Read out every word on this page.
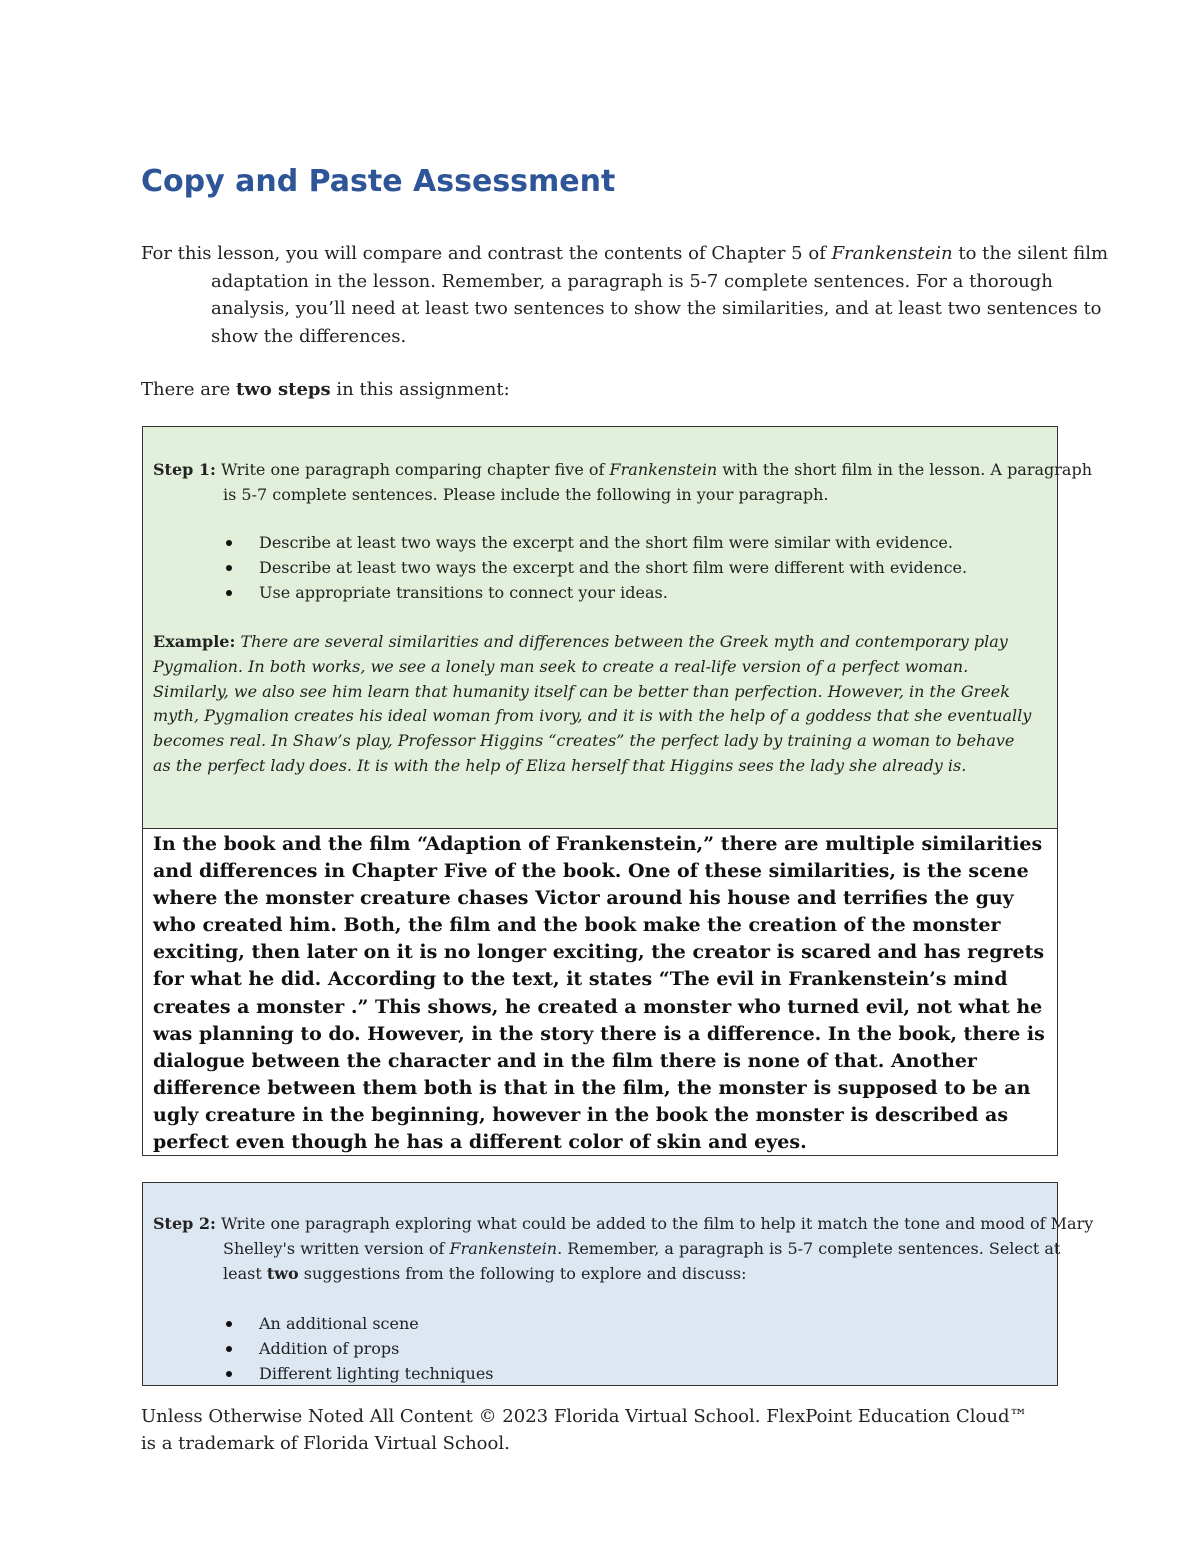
Copy and Paste Assessment

For this lesson, you will compare and contrast the contents of Chapter 5 of Frankenstein to the silent film adaptation in the lesson. Remember, a paragraph is 5-7 complete sentences. For a thorough analysis, you’ll need at least two sentences to show the similarities, and at least two sentences to show the differences.

There are two steps in this assignment:

Step 1: Write one paragraph comparing chapter five of Frankenstein with the short film in the lesson. A paragraph is 5-7 complete sentences. Please include the following in your paragraph.

Describe at least two ways the excerpt and the short film were similar with evidence.
Describe at least two ways the excerpt and the short film were different with evidence.
Use appropriate transitions to connect your ideas.

Example: There are several similarities and differences between the Greek myth and contemporary play Pygmalion. In both works, we see a lonely man seek to create a real-life version of a perfect woman. Similarly, we also see him learn that humanity itself can be better than perfection. However, in the Greek myth, Pygmalion creates his ideal woman from ivory, and it is with the help of a goddess that she eventually becomes real. In Shaw’s play, Professor Higgins “creates” the perfect lady by training a woman to behave as the perfect lady does. It is with the help of Eliza herself that Higgins sees the lady she already is.

In the book and the film “Adaption of Frankenstein,” there are multiple similarities and differences in Chapter Five of the book. One of these similarities, is the scene where the monster creature chases Victor around his house and terrifies the guy who created him. Both, the film and the book make the creation of the monster exciting, then later on it is no longer exciting, the creator is scared and has regrets for what he did. According to the text, it states “The evil in Frankenstein’s mind creates a monster .” This shows, he created a monster who turned evil, not what he was planning to do. However, in the story there is a difference. In the book, there is dialogue between the character and in the film there is none of that. Another difference between them both is that in the film, the monster is supposed to be an ugly creature in the beginning, however in the book the monster is described as perfect even though he has a different color of skin and eyes.

Step 2: Write one paragraph exploring what could be added to the film to help it match the tone and mood of Mary Shelley's written version of Frankenstein. Remember, a paragraph is 5-7 complete sentences. Select at least two suggestions from the following to explore and discuss:

An additional scene
Addition of props
Different lighting techniques

Unless Otherwise Noted All Content © 2023 Florida Virtual School. FlexPoint Education Cloud™ is a trademark of Florida Virtual School.
